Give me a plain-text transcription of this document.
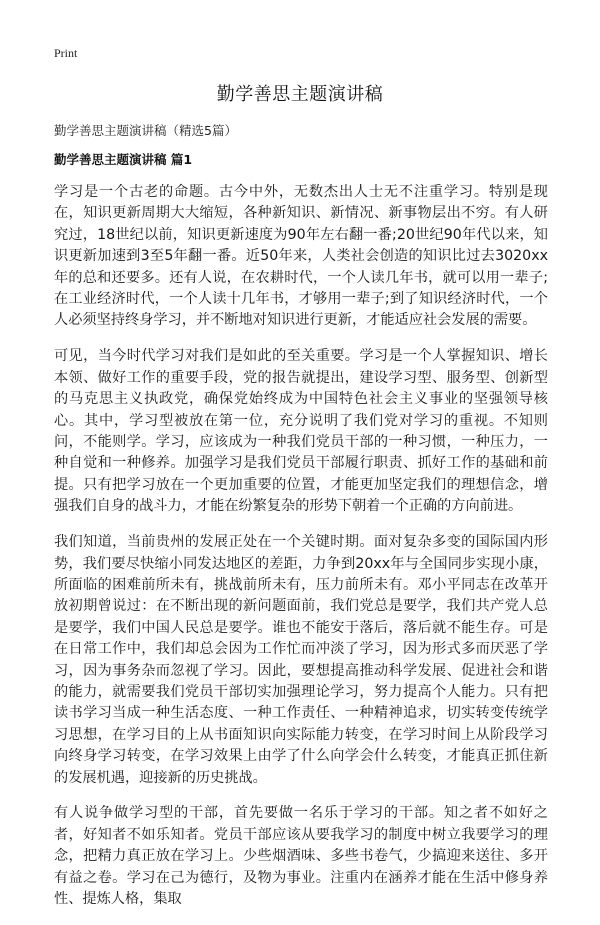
Print
勤学善思主题演讲稿
勤学善思主题演讲稿（精选5篇）
勤学善思主题演讲稿 篇1

学习是一个古老的命题。古今中外，无数杰出人士无不注重学习。特别是现在，知识更新周期大大缩短，各种新知识、新情况、新事物层出不穷。有人研究过，18世纪以前，知识更新速度为90年左右翻一番;20世纪90年代以来，知识更新加速到3至5年翻一番。近50年来，人类社会创造的知识比过去3020xx年的总和还要多。还有人说，在农耕时代，一个人读几年书，就可以用一辈子;在工业经济时代，一个人读十几年书，才够用一辈子;到了知识经济时代，一个人必须坚持终身学习，并不断地对知识进行更新，才能适应社会发展的需要。

可见，当今时代学习对我们是如此的至关重要。学习是一个人掌握知识、增长本领、做好工作的重要手段，党的报告就提出，建设学习型、服务型、创新型的马克思主义执政党，确保党始终成为中国特色社会主义事业的坚强领导核心。其中，学习型被放在第一位，充分说明了我们党对学习的重视。不知则问，不能则学。学习，应该成为一种我们党员干部的一种习惯，一种压力，一种自觉和一种修养。加强学习是我们党员干部履行职责、抓好工作的基础和前提。只有把学习放在一个更加重要的位置，才能更加坚定我们的理想信念，增强我们自身的战斗力，才能在纷繁复杂的形势下朝着一个正确的方向前进。

我们知道，当前贵州的发展正处在一个关键时期。面对复杂多变的国际国内形势，我们要尽快缩小同发达地区的差距，力争到20xx年与全国同步实现小康，所面临的困难前所未有，挑战前所未有，压力前所未有。邓小平同志在改革开放初期曾说过：在不断出现的新问题面前，我们党总是要学，我们共产党人总是要学，我们中国人民总是要学。谁也不能安于落后，落后就不能生存。可是在日常工作中，我们却总会因为工作忙而冲淡了学习，因为形式多而厌恶了学习，因为事务杂而忽视了学习。因此，要想提高推动科学发展、促进社会和谐的能力，就需要我们党员干部切实加强理论学习，努力提高个人能力。只有把读书学习当成一种生活态度、一种工作责任、一种精神追求，切实转变传统学习思想，在学习目的上从书面知识向实际能力转变，在学习时间上从阶段学习向终身学习转变，在学习效果上由学了什么向学会什么转变，才能真正抓住新的发展机遇，迎接新的历史挑战。

有人说争做学习型的干部，首先要做一名乐于学习的干部。知之者不如好之者，好知者不如乐知者。党员干部应该从要我学习的制度中树立我要学习的理念，把精力真正放在学习上。少些烟酒味、多些书卷气，少搞迎来送往、多开有益之卷。学习在己为德行，及物为事业。注重内在涵养才能在生活中修身养性、提炼人格，集取
